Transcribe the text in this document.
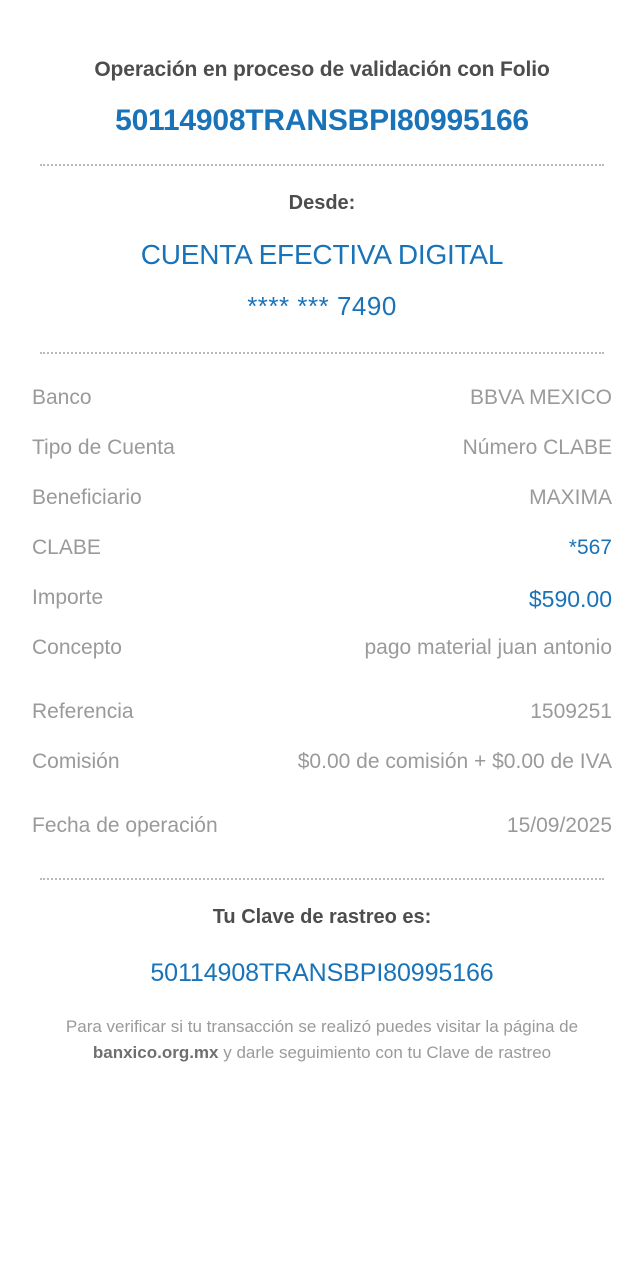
Operación en proceso de validación con Folio
50114908TRANSBPI80995166
Desde:
CUENTA EFECTIVA DIGITAL
**** *** 7490
Banco	BBVA MEXICO
Tipo de Cuenta	Número CLABE
Beneficiario	MAXIMA
CLABE	*567
Importe	$590.00
Concepto	pago material juan antonio
Referencia	1509251
Comisión	$0.00 de comisión + $0.00 de IVA
Fecha de operación	15/09/2025
Tu Clave de rastreo es:
50114908TRANSBPI80995166
Para verificar si tu transacción se realizó puedes visitar la página de banxico.org.mx y darle seguimiento con tu Clave de rastreo
